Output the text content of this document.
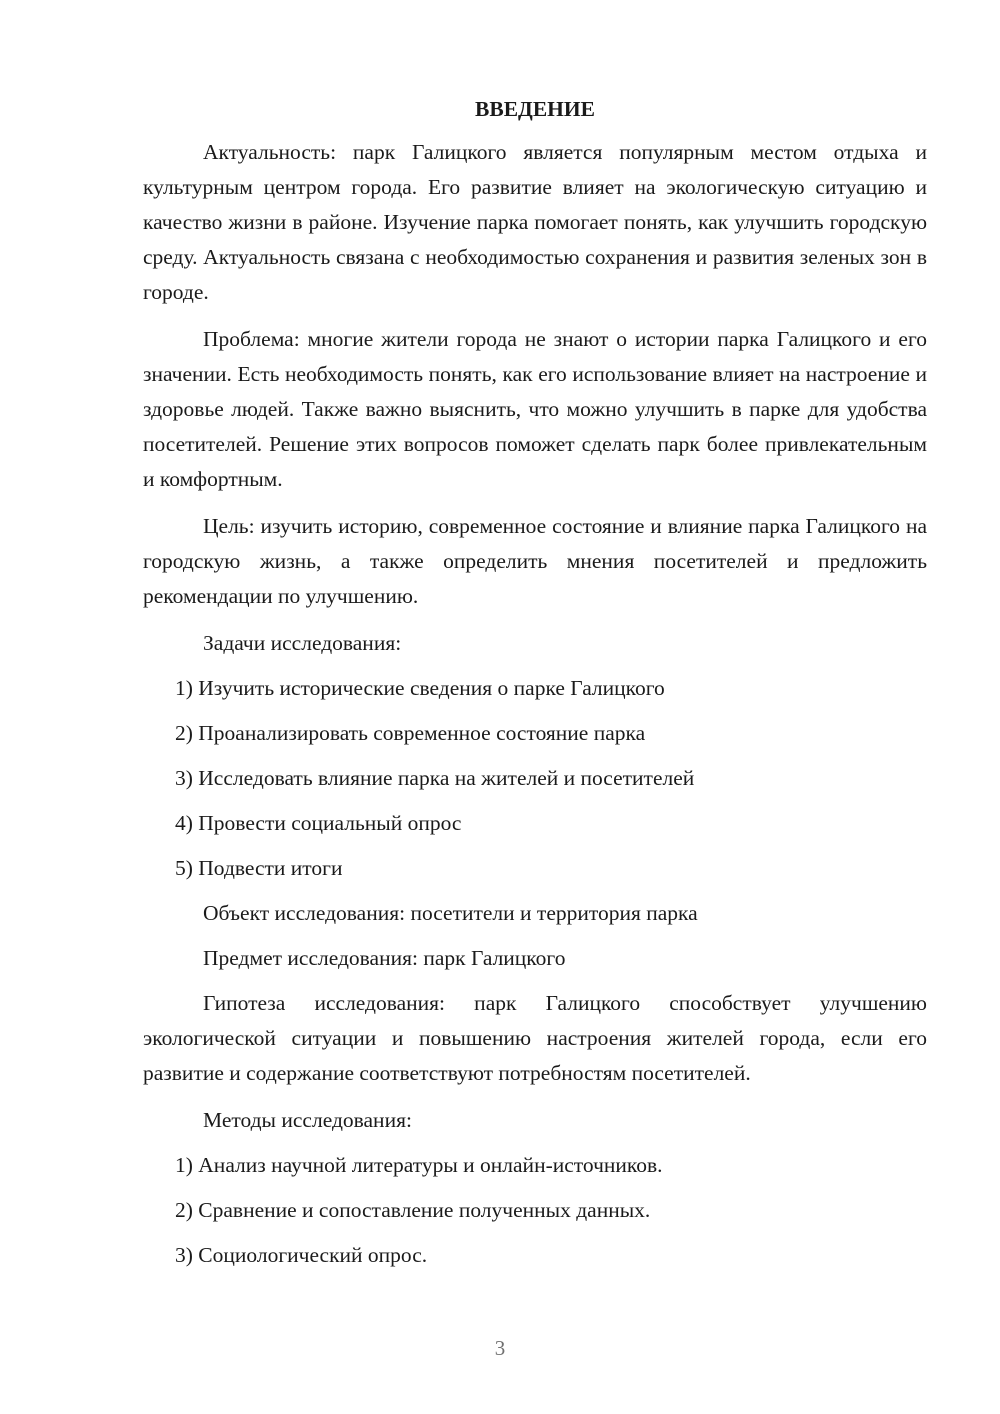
ВВЕДЕНИЕ

Актуальность: парк Галицкого является популярным местом отдыха и культурным центром города. Его развитие влияет на экологическую ситуацию и качество жизни в районе. Изучение парка помогает понять, как улучшить городскую среду. Актуальность связана с необходимостью сохранения и развития зеленых зон в городе.

Проблема: многие жители города не знают о истории парка Галицкого и его значении. Есть необходимость понять, как его использование влияет на настроение и здоровье людей. Также важно выяснить, что можно улучшить в парке для удобства посетителей. Решение этих вопросов поможет сделать парк более привлекательным и комфортным.

Цель: изучить историю, современное состояние и влияние парка Галицкого на городскую жизнь, а также определить мнения посетителей и предложить рекомендации по улучшению.

Задачи исследования:
1) Изучить исторические сведения о парке Галицкого
2) Проанализировать современное состояние парка
3) Исследовать влияние парка на жителей и посетителей
4) Провести социальный опрос
5) Подвести итоги
Объект исследования: посетители и территория парка
Предмет исследования: парк Галицкого

Гипотеза исследования: парк Галицкого способствует улучшению экологической ситуации и повышению настроения жителей города, если его развитие и содержание соответствуют потребностям посетителей.

Методы исследования:
1) Анализ научной литературы и онлайн-источников.
2) Сравнение и сопоставление полученных данных.
3) Социологический опрос.
3
